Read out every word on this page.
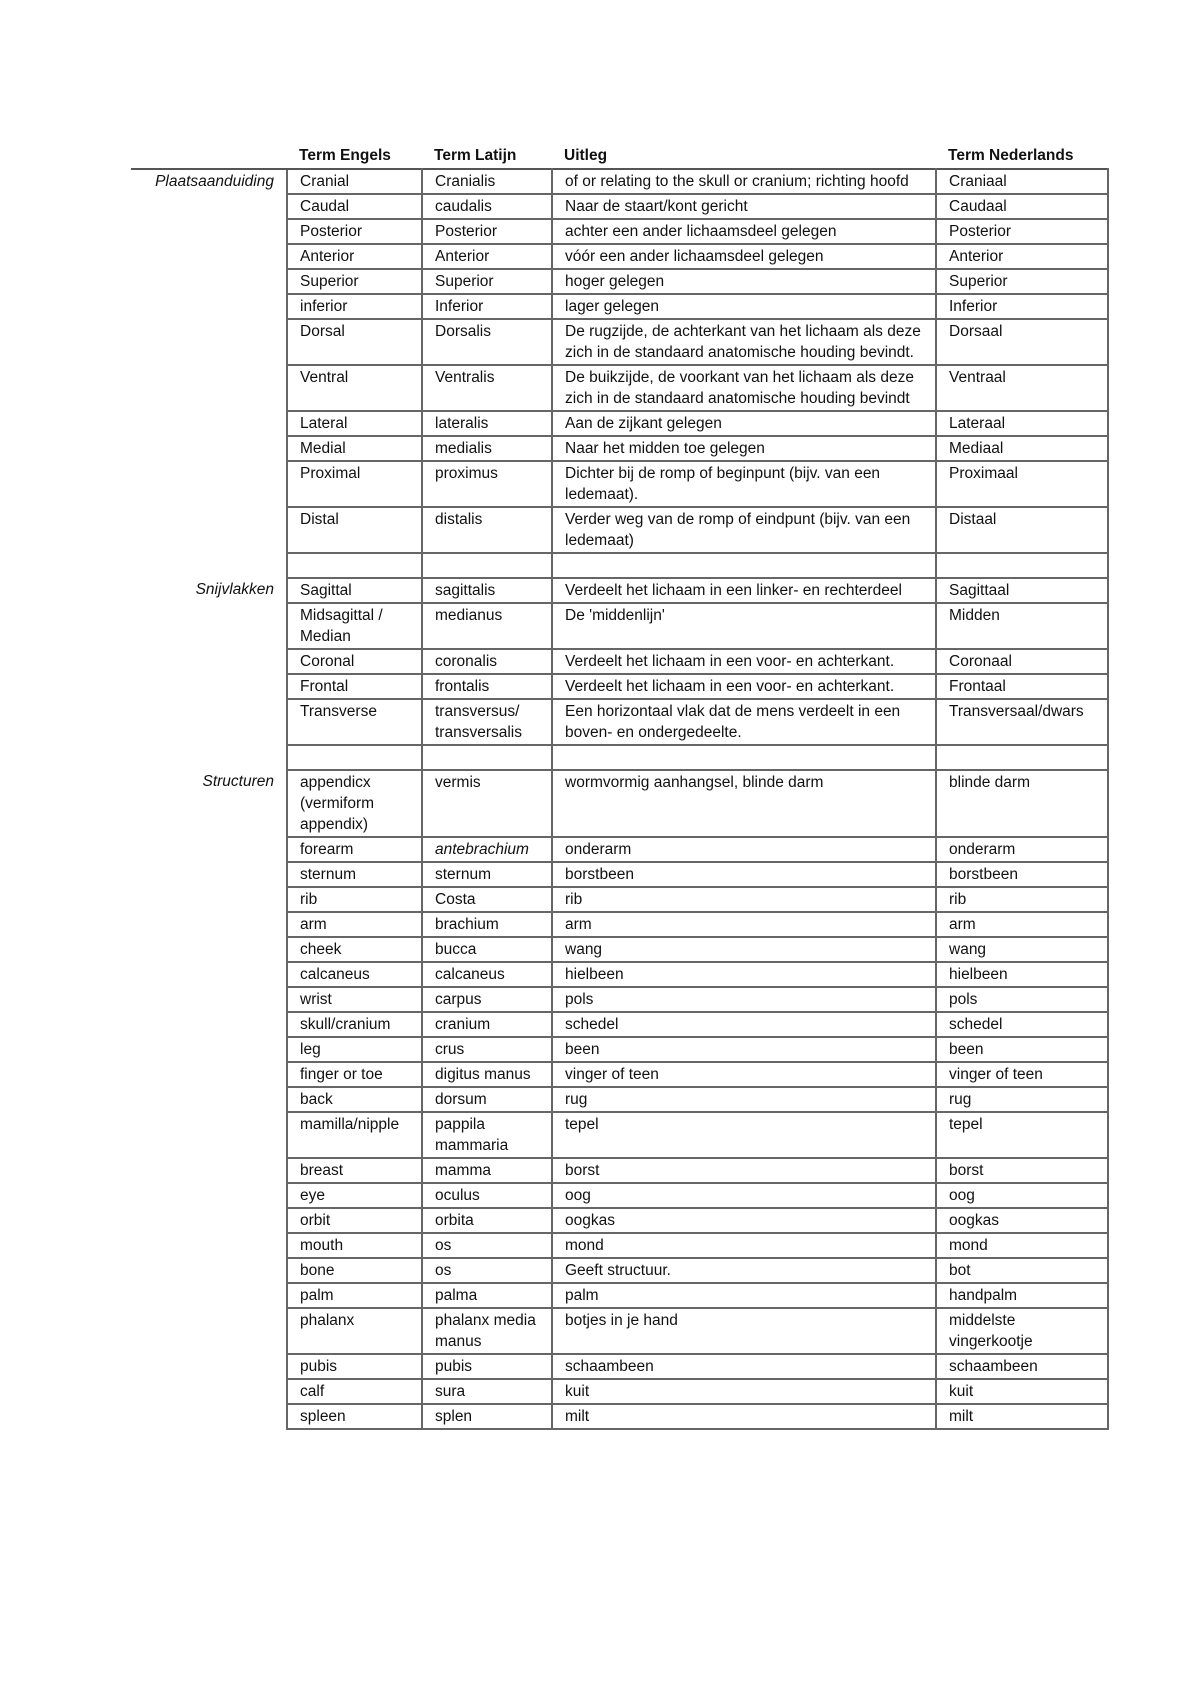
	Term Engels	Term Latijn	Uitleg	Term Nederlands
Plaatsaanduiding	Cranial	Cranialis	of or relating to the skull or cranium; richting hoofd	Craniaal
	Caudal	caudalis	Naar de staart/kont gericht	Caudaal
	Posterior	Posterior	achter een ander lichaamsdeel gelegen	Posterior
	Anterior	Anterior	vóór een ander lichaamsdeel gelegen	Anterior
	Superior	Superior	hoger gelegen	Superior
	inferior	Inferior	lager gelegen	Inferior
	Dorsal	Dorsalis	De rugzijde, de achterkant van het lichaam als deze zich in de standaard anatomische houding bevindt.	Dorsaal
	Ventral	Ventralis	De buikzijde, de voorkant van het lichaam als deze zich in de standaard anatomische houding bevindt	Ventraal
	Lateral	lateralis	Aan de zijkant gelegen	Lateraal
	Medial	medialis	Naar het midden toe gelegen	Mediaal
	Proximal	proximus	Dichter bij de romp of beginpunt (bijv. van een ledemaat).	Proximaal
	Distal	distalis	Verder weg van de romp of eindpunt (bijv. van een ledemaat)	Distaal

Snijvlakken	Sagittal	sagittalis	Verdeelt het lichaam in een linker- en rechterdeel	Sagittaal
	Midsagittal / Median	medianus	De 'middenlijn'	Midden
	Coronal	coronalis	Verdeelt het lichaam in een voor- en achterkant.	Coronaal
	Frontal	frontalis	Verdeelt het lichaam in een voor- en achterkant.	Frontaal
	Transverse	transversus/ transversalis	Een horizontaal vlak dat de mens verdeelt in een boven- en ondergedeelte.	Transversaal/dwars

Structuren	appendicx (vermiform appendix)	vermis	wormvormig aanhangsel, blinde darm	blinde darm
	forearm	antebrachium	onderarm	onderarm
	sternum	sternum	borstbeen	borstbeen
	rib	Costa	rib	rib
	arm	brachium	arm	arm
	cheek	bucca	wang	wang
	calcaneus	calcaneus	hielbeen	hielbeen
	wrist	carpus	pols	pols
	skull/cranium	cranium	schedel	schedel
	leg	crus	been	been
	finger or toe	digitus manus	vinger of teen	vinger of teen
	back	dorsum	rug	rug
	mamilla/nipple	pappila mammaria	tepel	tepel
	breast	mamma	borst	borst
	eye	oculus	oog	oog
	orbit	orbita	oogkas	oogkas
	mouth	os	mond	mond
	bone	os	Geeft structuur.	bot
	palm	palma	palm	handpalm
	phalanx	phalanx media manus	botjes in je hand	middelste vingerkootje
	pubis	pubis	schaambeen	schaambeen
	calf	sura	kuit	kuit
	spleen	splen	milt	milt
